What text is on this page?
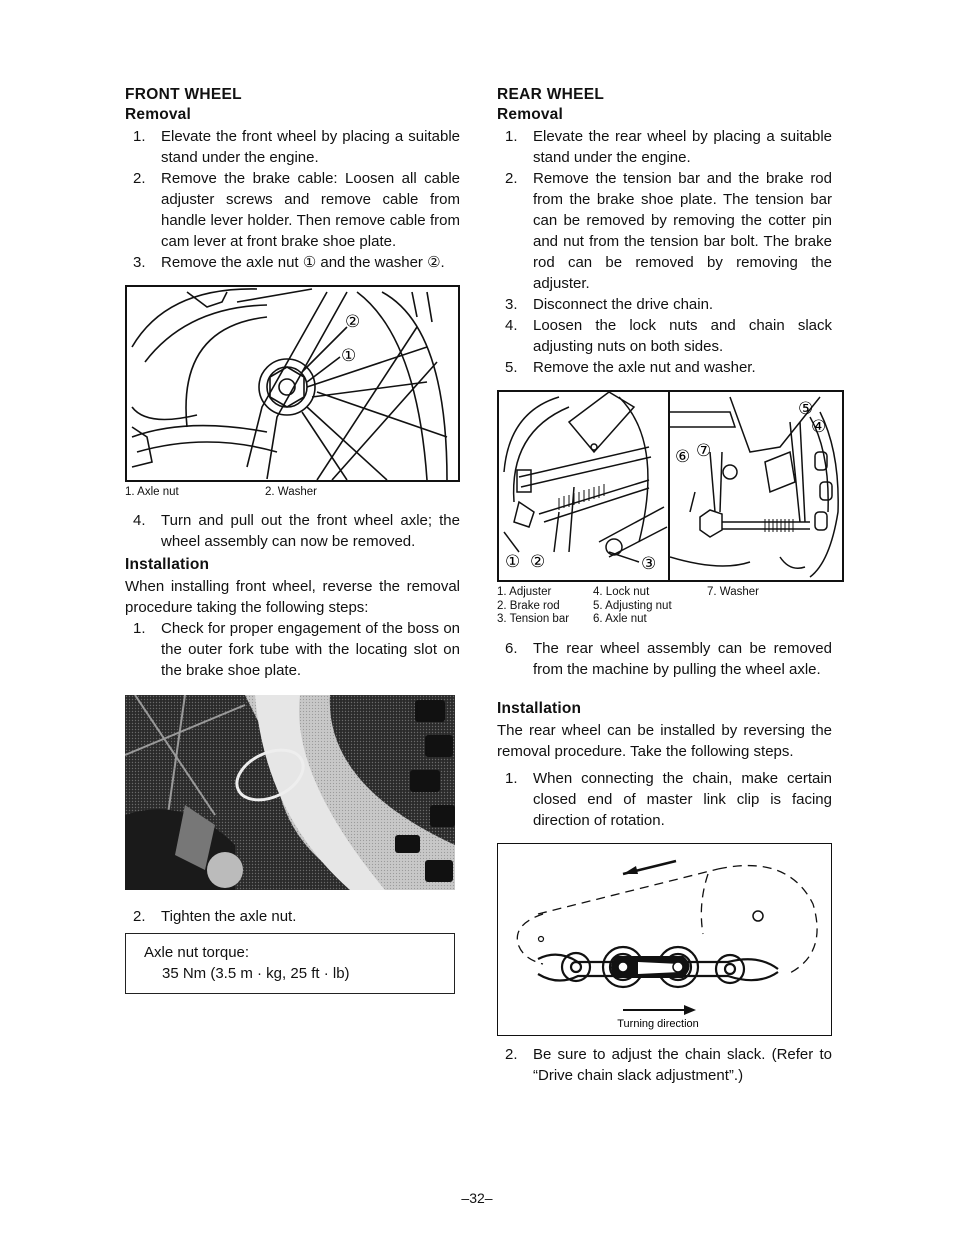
FRONT WHEEL
Removal
1. Elevate the front wheel by placing a suitable stand under the engine.
2. Remove the brake cable: Loosen all cable adjuster screws and remove cable from handle lever holder. Then remove cable from cam lever at front brake shoe plate.
3. Remove the axle nut ① and the washer ②.
②
①
1. Axle nut	2. Washer
4. Turn and pull out the front wheel axle; the wheel assembly can now be removed.
Installation

When installing front wheel, reverse the removal procedure taking the following steps:

1. Check for proper engagement of the boss on the outer fork tube with the locating slot on the brake shoe plate.
2. Tighten the axle nut.
Axle nut torque:
35 Nm (3.5 m · kg, 25 ft · lb)
REAR WHEEL
Removal
1. Elevate the rear wheel by placing a suitable stand under the engine.
2. Remove the tension bar and the brake rod from the brake shoe plate. The tension bar can be removed by removing the cotter pin and nut from the tension bar bolt. The brake rod can be removed by removing the adjuster.
3. Disconnect the drive chain.
4. Loosen the lock nuts and chain slack adjusting nuts on both sides.
5. Remove the axle nut and washer.
① ②	③
⑤
④
⑥ ⑦
1. Adjuster
2. Brake rod
3. Tension bar
4. Lock nut
5. Adjusting nut
6. Axle nut
7. Washer
6. The rear wheel assembly can be removed from the machine by pulling the wheel axle.
Installation

The rear wheel can be installed by reversing the removal procedure. Take the following steps.

1. When connecting the chain, make certain closed end of master link clip is facing direction of rotation.
Turning direction
2. Be sure to adjust the chain slack. (Refer to “Drive chain slack adjustment”.)
–32–
